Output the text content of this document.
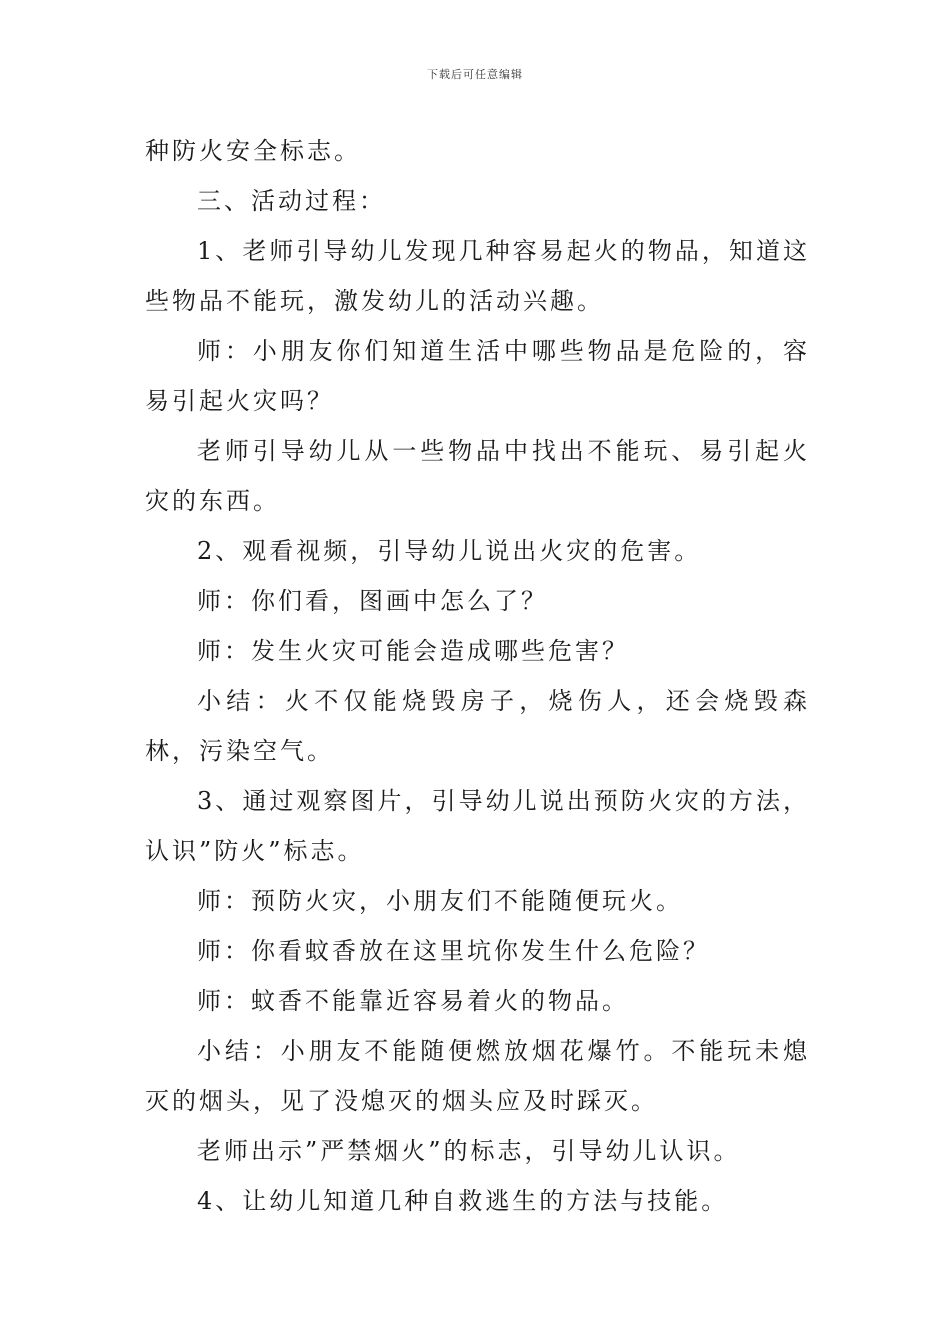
下载后可任意编辑

种防火安全标志。

三、活动过程：

1、老师引导幼儿发现几种容易起火的物品，知道这些物品不能玩，激发幼儿的活动兴趣。

师：小朋友你们知道生活中哪些物品是危险的，容易引起火灾吗？

老师引导幼儿从一些物品中找出不能玩、易引起火灾的东西。

2、观看视频，引导幼儿说出火灾的危害。

师：你们看，图画中怎么了？

师：发生火灾可能会造成哪些危害？

小结：火不仅能烧毁房子，烧伤人，还会烧毁森林，污染空气。

3、通过观察图片，引导幼儿说出预防火灾的方法，认识”防火”标志。

师：预防火灾，小朋友们不能随便玩火。

师：你看蚊香放在这里坑你发生什么危险？

师：蚊香不能靠近容易着火的物品。

小结：小朋友不能随便燃放烟花爆竹。不能玩未熄灭的烟头，见了没熄灭的烟头应及时踩灭。

老师出示”严禁烟火”的标志，引导幼儿认识。

4、让幼儿知道几种自救逃生的方法与技能。
